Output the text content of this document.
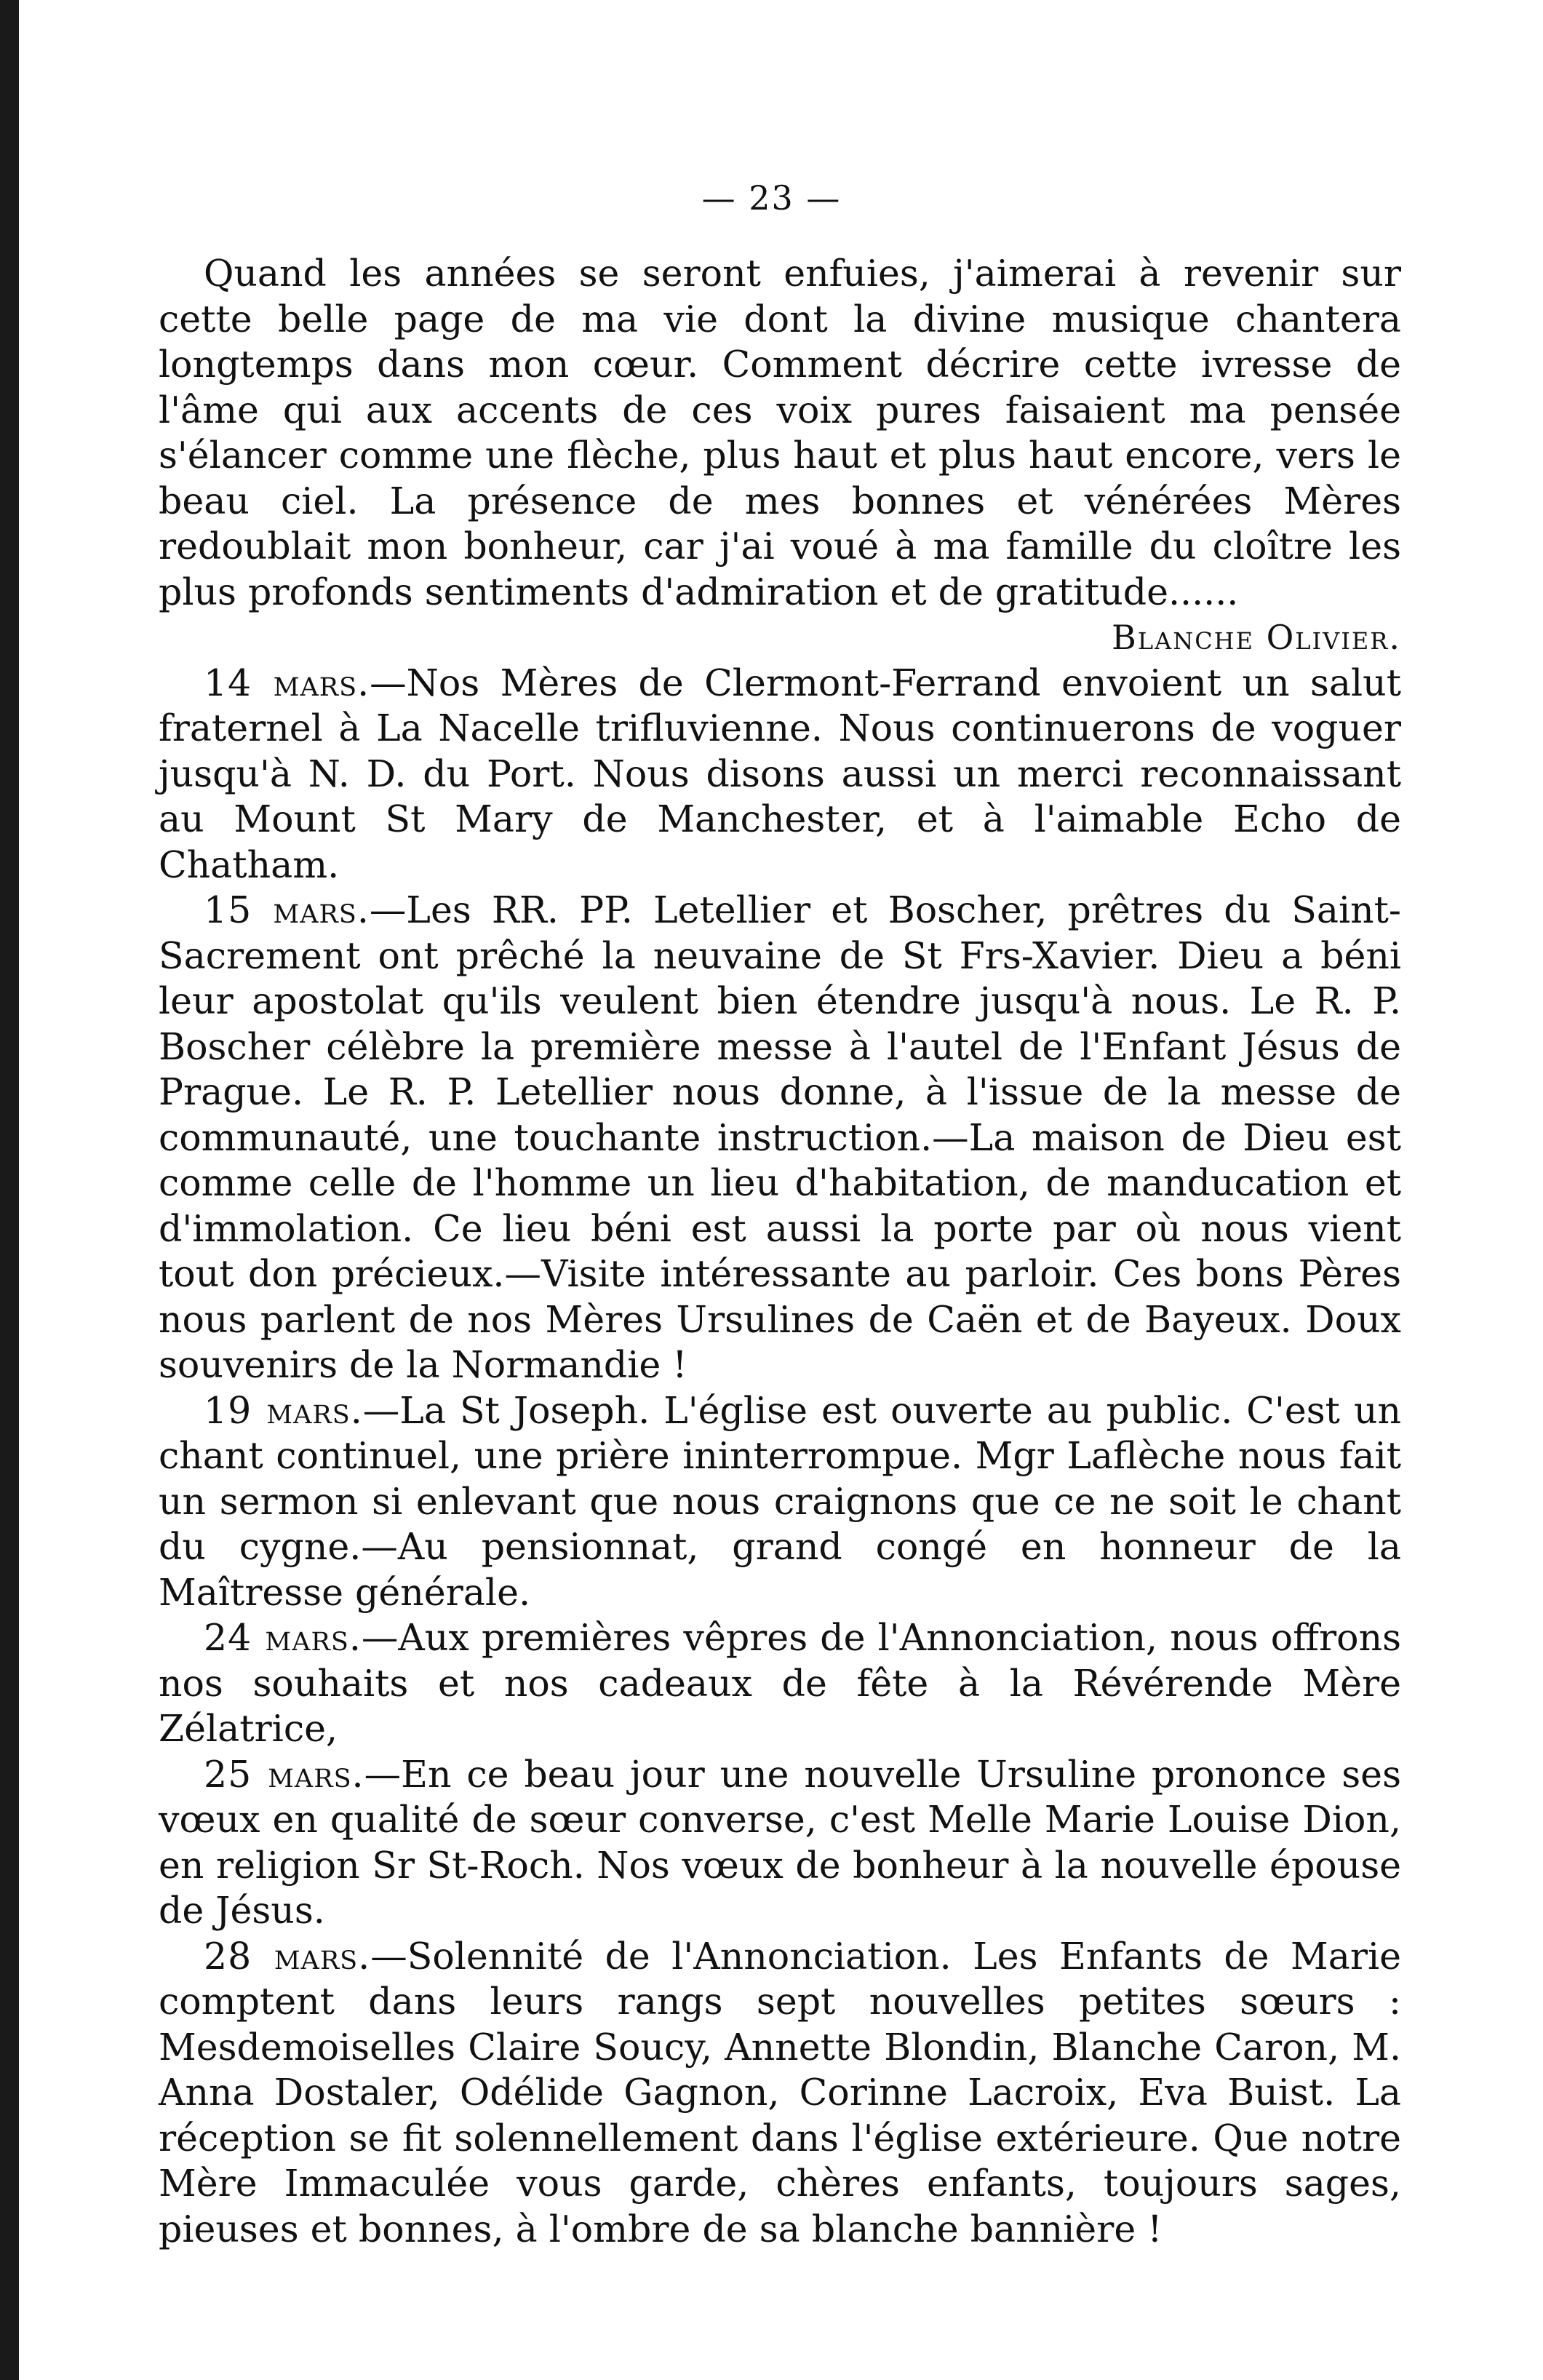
— 23 —

Quand les années se seront enfuies, j'aimerai à revenir sur cette belle page de ma vie dont la divine musique chantera longtemps dans mon cœur. Comment décrire cette ivresse de l'âme qui aux accents de ces voix pures faisaient ma pensée s'élancer comme une flèche, plus haut et plus haut encore, vers le beau ciel. La présence de mes bonnes et vénérées Mères redoublait mon bonheur, car j'ai voué à ma famille du cloître les plus profonds sentiments d'admiration et de gratitude......

Blanche Olivier.

14 mars.—Nos Mères de Clermont-Ferrand envoient un salut fraternel à La Nacelle trifluvienne. Nous continuerons de voguer jusqu'à N. D. du Port. Nous disons aussi un merci reconnaissant au Mount St Mary de Manchester, et à l'aimable Echo de Chatham.

15 mars.—Les RR. PP. Letellier et Boscher, prêtres du Saint-Sacrement ont prêché la neuvaine de St Frs-Xavier. Dieu a béni leur apostolat qu'ils veulent bien étendre jusqu'à nous. Le R. P. Boscher célèbre la première messe à l'autel de l'Enfant Jésus de Prague. Le R. P. Letellier nous donne, à l'issue de la messe de communauté, une touchante instruction.—La maison de Dieu est comme celle de l'homme un lieu d'habitation, de manducation et d'immolation. Ce lieu béni est aussi la porte par où nous vient tout don précieux.—Visite intéressante au parloir. Ces bons Pères nous parlent de nos Mères Ursulines de Caën et de Bayeux. Doux souvenirs de la Normandie !

19 mars.—La St Joseph. L'église est ouverte au public. C'est un chant continuel, une prière ininterrompue. Mgr Laflèche nous fait un sermon si enlevant que nous craignons que ce ne soit le chant du cygne.—Au pensionnat, grand congé en honneur de la Maîtresse générale.

24 mars.—Aux premières vêpres de l'Annonciation, nous offrons nos souhaits et nos cadeaux de fête à la Révérende Mère Zélatrice,

25 mars.—En ce beau jour une nouvelle Ursuline prononce ses vœux en qualité de sœur converse, c'est Melle Marie Louise Dion, en religion Sr St-Roch. Nos vœux de bonheur à la nouvelle épouse de Jésus.

28 mars.—Solennité de l'Annonciation. Les Enfants de Marie comptent dans leurs rangs sept nouvelles petites sœurs : Mesdemoiselles Claire Soucy, Annette Blondin, Blanche Caron, M. Anna Dostaler, Odélide Gagnon, Corinne Lacroix, Eva Buist. La réception se fit solennellement dans l'église extérieure. Que notre Mère Immaculée vous garde, chères enfants, toujours sages, pieuses et bonnes, à l'ombre de sa blanche bannière !
